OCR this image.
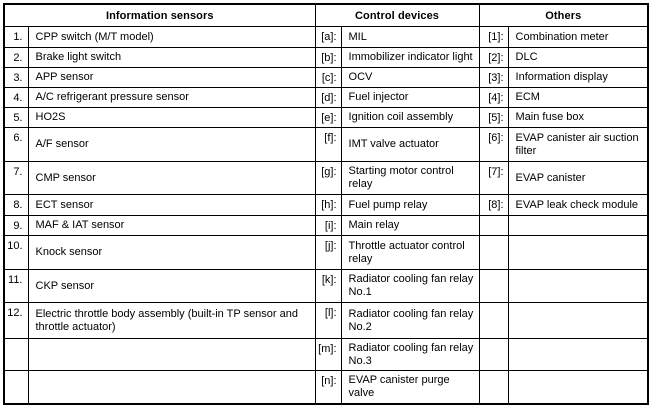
Information sensors		Control devices		Others	
1.	CPP switch (M/T model)	[a]:	MIL	[1]:	Combination meter
2.	Brake light switch	[b]:	Immobilizer indicator light	[2]:	DLC
3.	APP sensor	[c]:	OCV	[3]:	Information display
4.	A/C refrigerant pressure sensor	[d]:	Fuel injector	[4]:	ECM
5.	HO2S	[e]:	Ignition coil assembly	[5]:	Main fuse box
6.	A/F sensor	[f]:	IMT valve actuator	[6]:	EVAP canister air suction filter
7.	CMP sensor	[g]:	Starting motor control relay	[7]:	EVAP canister
8.	ECT sensor	[h]:	Fuel pump relay	[8]:	EVAP leak check module
9.	MAF & IAT sensor	[i]:	Main relay		
10.	Knock sensor	[j]:	Throttle actuator control relay		
11.	CKP sensor	[k]:	Radiator cooling fan relay No.1		
12.	Electric throttle body assembly (built-in TP sensor and throttle actuator)	[l]:	Radiator cooling fan relay No.2		
		[m]:	Radiator cooling fan relay No.3		
		[n]:	EVAP canister purge valve		
